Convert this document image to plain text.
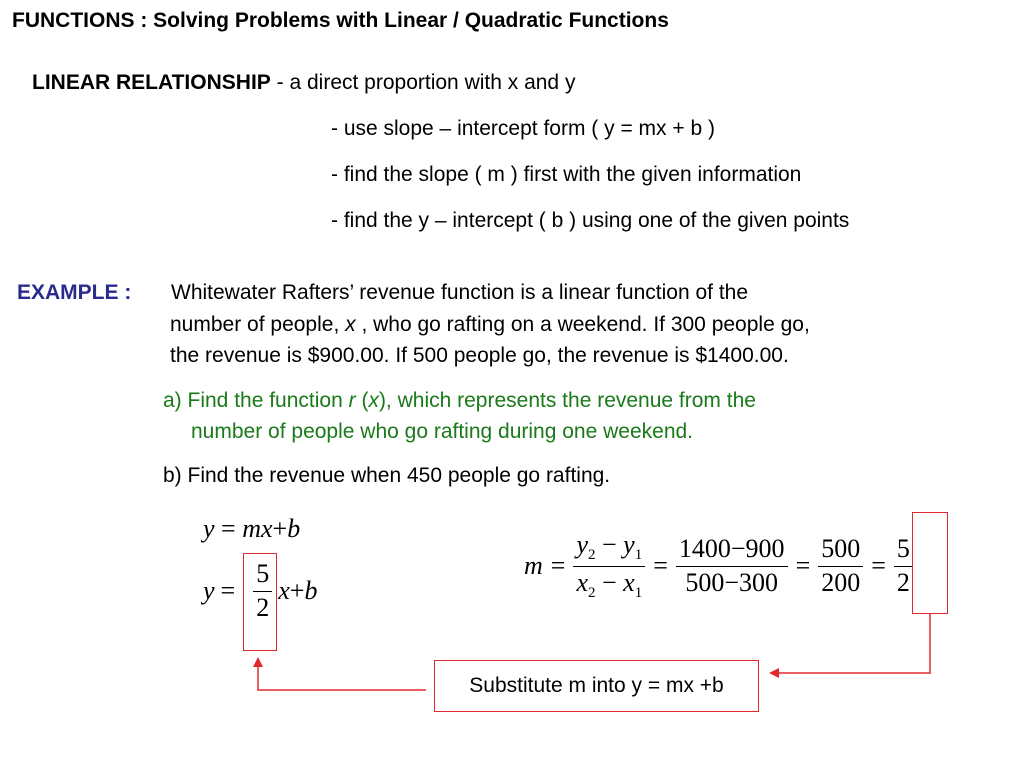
FUNCTIONS : Solving Problems with Linear / Quadratic Functions
LINEAR RELATIONSHIP - a direct proportion with x and y
- use slope – intercept form ( y = mx + b )
- find the slope ( m ) first with the given information
- find the y – intercept ( b ) using one of the given points
EXAMPLE : Whitewater Rafters’ revenue function is a linear function of the
number of people, x , who go rafting on a weekend. If 300 people go,
the revenue is $900.00. If 500 people go, the revenue is $1400.00.
a) Find the function r (x), which represents the revenue from the
number of people who go rafting during one weekend.
b) Find the revenue when 450 people go rafting.
y = mx+b
$y = \frac{5}{2}$ x + b
$m = \frac{y_2 - y_1}{x_2 - x_1} = \frac{1400-900}{500-300} = \frac{500}{200} = \frac{5}{2}$
Substitute m into y = mx +b
